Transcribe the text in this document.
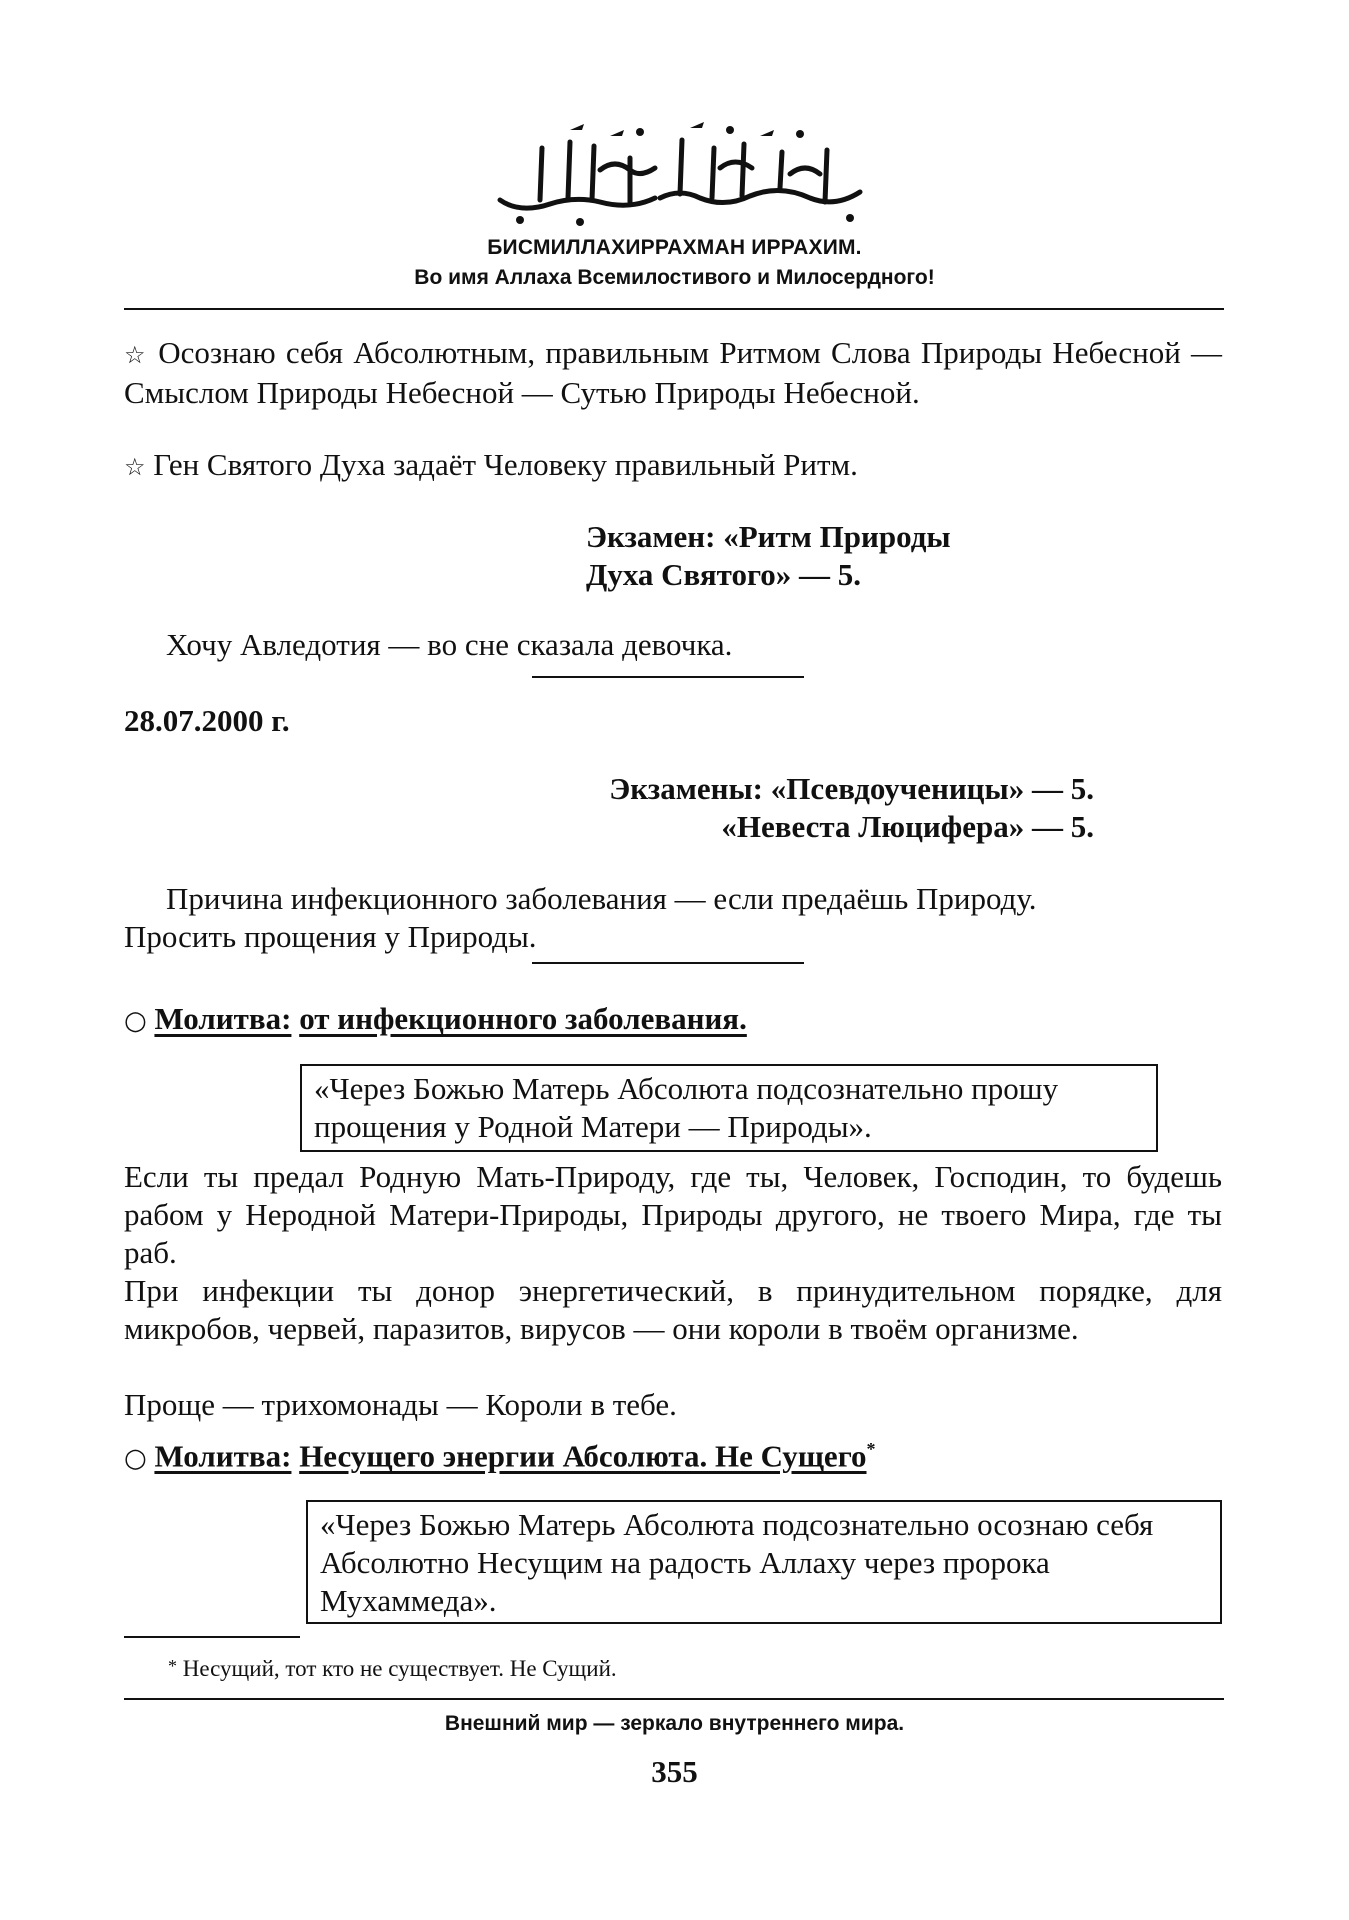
БИСМИЛЛАХИРРАХМАН ИРРАХИМ.
Во имя Аллаха Всемилостивого и Милосердного!
☆ Осознаю себя Абсолютным, правильным Ритмом Слова Природы Небесной — Смыслом Природы Небесной — Сутью Природы Небесной.
☆ Ген Святого Духа задаёт Человеку правильный Ритм.
Экзамен: «Ритм Природы
Духа Святого» — 5.
Хочу Авледотия — во сне сказала девочка.
28.07.2000 г.
Экзамены: «Псевдоученицы» — 5.
«Невеста Люцифера» — 5.
Причина инфекционного заболевания — если предаёшь Природу.
Просить прощения у Природы.
○ Молитва: от инфекционного заболевания.
«Через Божью Матерь Абсолюта подсознательно прошу прощения у Родной Матери — Природы».
Если ты предал Родную Мать-Природу, где ты, Человек, Господин, то будешь рабом у Неродной Матери-Природы, Природы другого, не твоего Мира, где ты раб.
При инфекции ты донор энергетический, в принудительном порядке, для микробов, червей, паразитов, вирусов — они короли в твоём организме.
Проще — трихомонады — Короли в тебе.
○ Молитва: Несущего энергии Абсолюта. Не Сущего*
«Через Божью Матерь Абсолюта подсознательно осознаю себя Абсолютно Несущим на радость Аллаху через пророка Мухаммеда».
* Несущий, тот кто не существует. Не Сущий.
Внешний мир — зеркало внутреннего мира.
355
